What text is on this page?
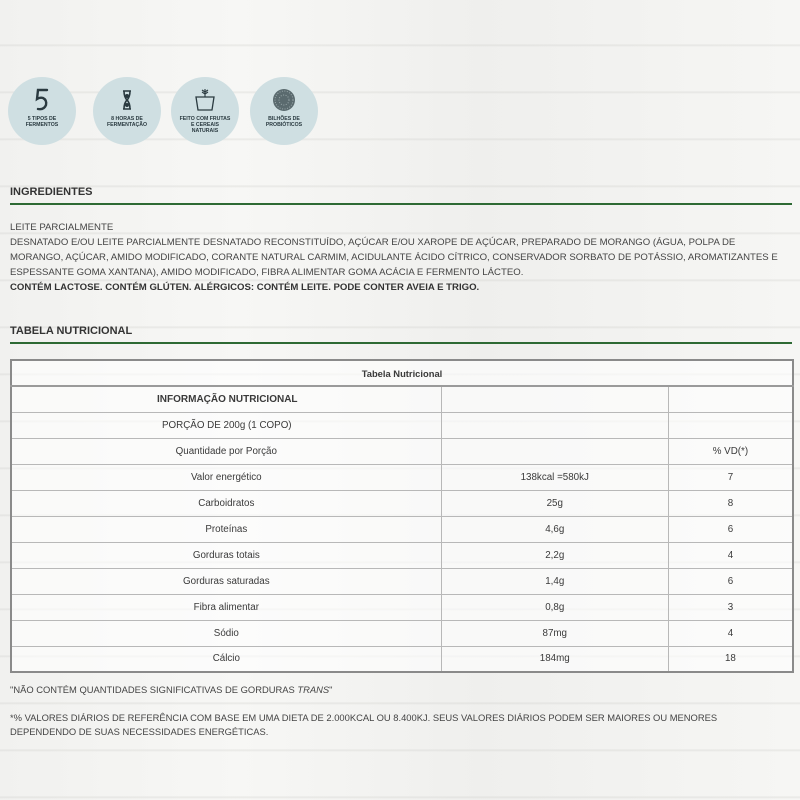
5 TIPOS DE FERMENTOS
8 HORAS DE FERMENTAÇÃO
FEITO COM FRUTAS E CEREAIS NATURAIS
BILHÕES DE PROBIÓTICOS
INGREDIENTES
LEITE PARCIALMENTE
DESNATADO E/OU LEITE PARCIALMENTE DESNATADO RECONSTITUÍDO, AÇÚCAR E/OU XAROPE DE AÇÚCAR, PREPARADO DE MORANGO (ÁGUA, POLPA DE MORANGO, AÇÚCAR, AMIDO MODIFICADO, CORANTE NATURAL CARMIM, ACIDULANTE ÁCIDO CÍTRICO, CONSERVADOR SORBATO DE POTÁSSIO, AROMATIZANTES E ESPESSANTE GOMA XANTANA), AMIDO MODIFICADO, FIBRA ALIMENTAR GOMA ACÁCIA E FERMENTO LÁCTEO.
CONTÉM LACTOSE. CONTÉM GLÚTEN. ALÉRGICOS: CONTÉM LEITE. PODE CONTER AVEIA E TRIGO.
TABELA NUTRICIONAL
Tabela Nutricional		
INFORMAÇÃO NUTRICIONAL		
PORÇÃO DE 200g (1 COPO)		
Quantidade por Porção		% VD(*)
Valor energético	138kcal =580kJ	7
Carboidratos	25g	8
Proteínas	4,6g	6
Gorduras totais	2,2g	4
Gorduras saturadas	1,4g	6
Fibra alimentar	0,8g	3
Sódio	87mg	4
Cálcio	184mg	18
"NÃO CONTÉM QUANTIDADES SIGNIFICATIVAS DE GORDURAS TRANS"
*% VALORES DIÁRIOS DE REFERÊNCIA COM BASE EM UMA DIETA DE 2.000KCAL OU 8.400KJ. SEUS VALORES DIÁRIOS PODEM SER MAIORES OU MENORES DEPENDENDO DE SUAS NECESSIDADES ENERGÉTICAS.
